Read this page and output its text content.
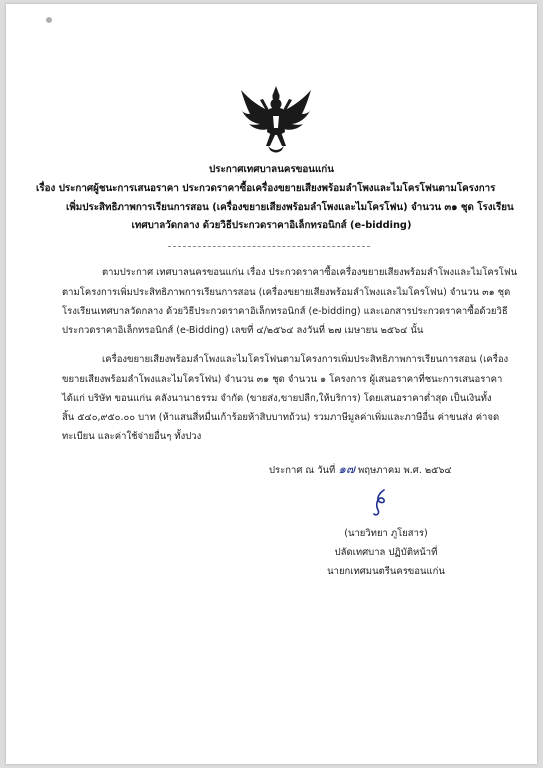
ประกาศเทศบาลนครขอนแก่น
เรื่อง ประกาศผู้ชนะการเสนอราคา ประกวดราคาซื้อเครื่องขยายเสียงพร้อมลำโพงและไมโครโฟนตามโครงการ
เพิ่มประสิทธิภาพการเรียนการสอน (เครื่องขยายเสียงพร้อมลำโพงและไมโครโฟน) จำนวน ๓๑ ชุด โรงเรียน
เทศบาลวัดกลาง ด้วยวิธีประกวดราคาอิเล็กทรอนิกส์ (e-bidding)
ตามประกาศ เทศบาลนครขอนแก่น เรื่อง ประกวดราคาซื้อเครื่องขยายเสียงพร้อมลำโพงและไมโครโฟน
ตามโครงการเพิ่มประสิทธิภาพการเรียนการสอน (เครื่องขยายเสียงพร้อมลำโพงและไมโครโฟน) จำนวน ๓๑ ชุด
โรงเรียนเทศบาลวัดกลาง ด้วยวิธีประกวดราคาอิเล็กทรอนิกส์ (e-bidding) และเอกสารประกวดราคาซื้อด้วยวิธี
ประกวดราคาอิเล็กทรอนิกส์ (e-Bidding) เลขที่ ๔/๒๕๖๔ ลงวันที่ ๒๗ เมษายน ๒๕๖๔ นั้น
เครื่องขยายเสียงพร้อมลำโพงและไมโครโฟนตามโครงการเพิ่มประสิทธิภาพการเรียนการสอน (เครื่อง
ขยายเสียงพร้อมลำโพงและไมโครโฟน) จำนวน ๓๑ ชุด จำนวน ๑ โครงการ ผู้เสนอราคาที่ชนะการเสนอราคา
ได้แก่ บริษัท ขอนแก่น คลังนานาธรรม จำกัด (ขายส่ง,ขายปลีก,ให้บริการ) โดยเสนอราคาต่ำสุด เป็นเงินทั้ง
สิ้น ๕๔๐,๙๕๐.๐๐ บาท (ห้าแสนสี่หมื่นเก้าร้อยห้าสิบบาทถ้วน) รวมภาษีมูลค่าเพิ่มและภาษีอื่น ค่าขนส่ง ค่าจด
ทะเบียน และค่าใช้จ่ายอื่นๆ ทั้งปวง
ประกาศ ณ วันที่ ๑๗ พฤษภาคม พ.ศ. ๒๕๖๔
(นายวิทยา ภูโยสาร)
ปลัดเทศบาล ปฏิบัติหน้าที่
นายกเทศมนตรีนครขอนแก่น
